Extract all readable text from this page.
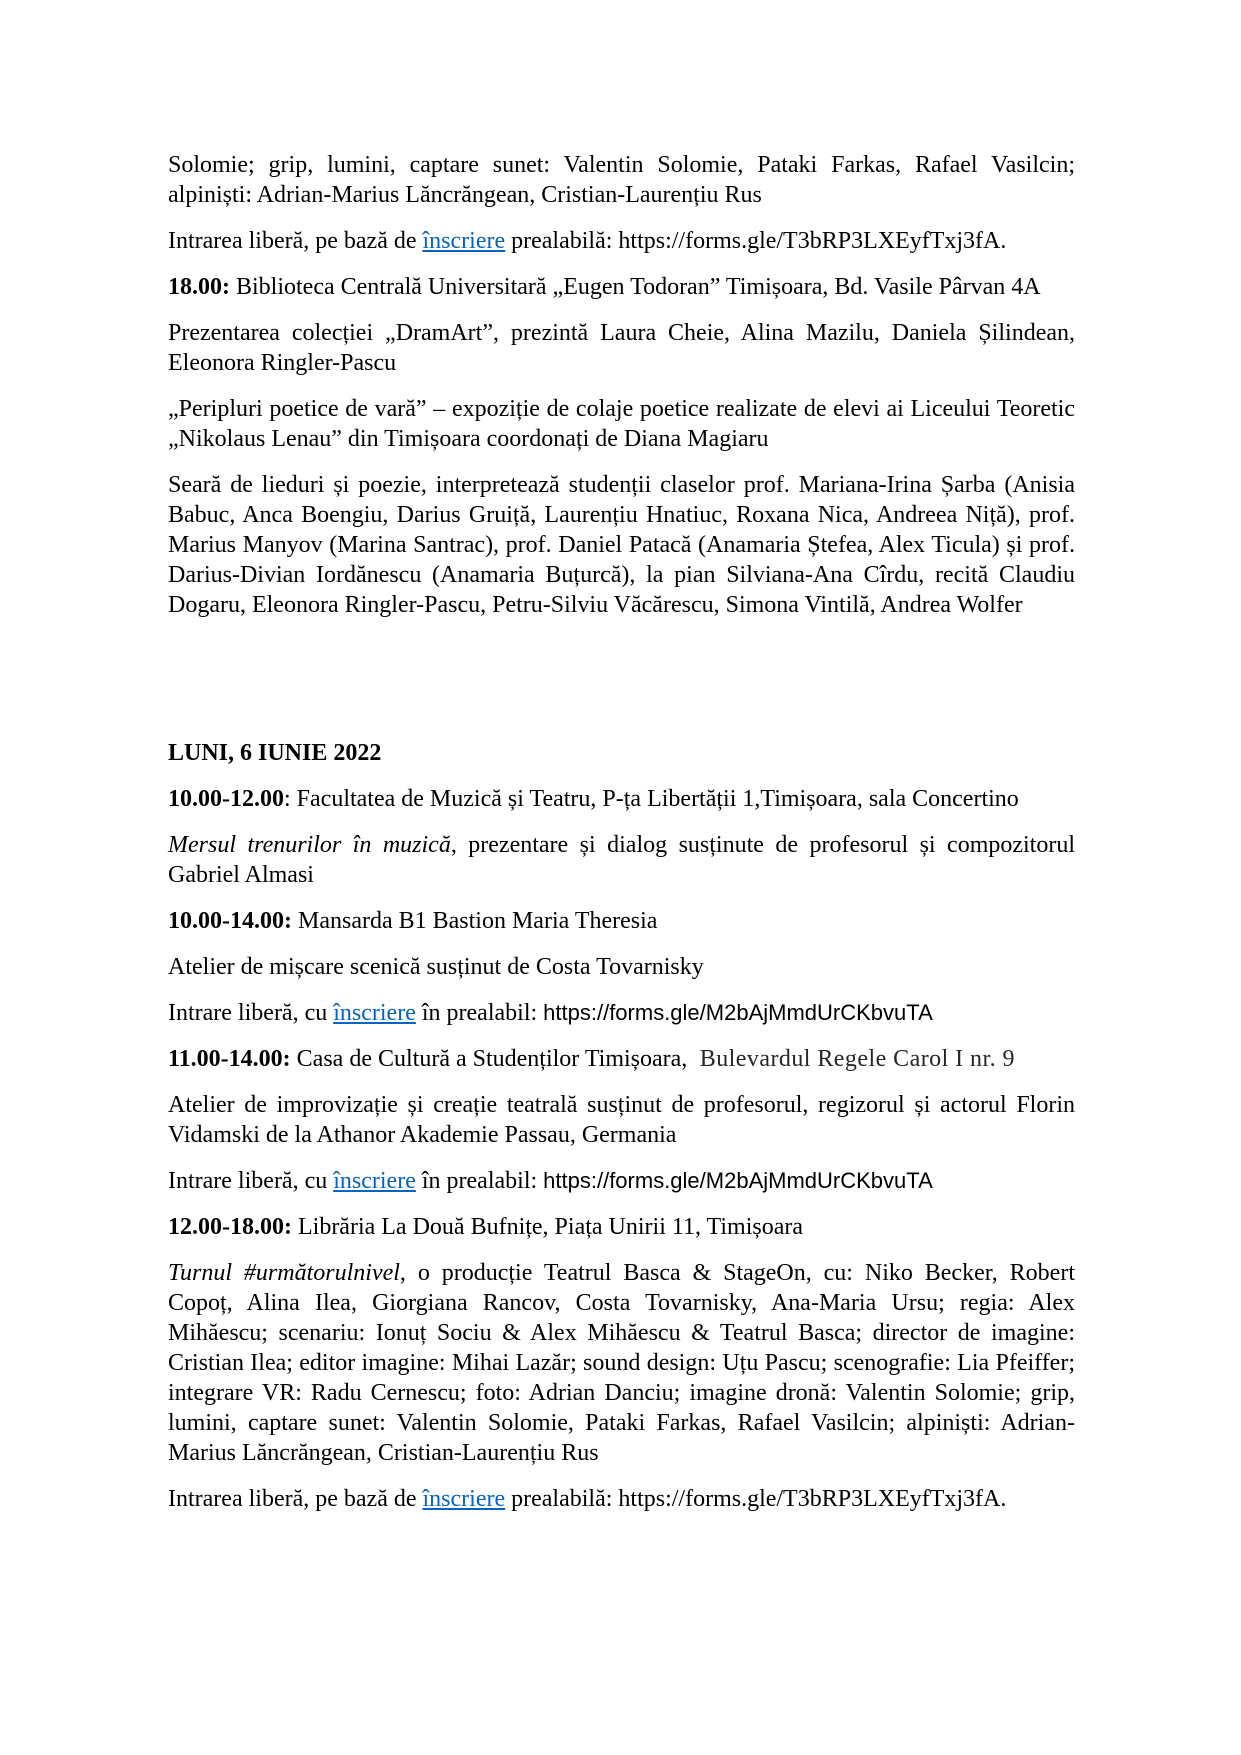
Solomie; grip, lumini, captare sunet: Valentin Solomie, Pataki Farkas, Rafael Vasilcin; alpiniști: Adrian-Marius Lăncrăngean, Cristian-Laurențiu Rus

Intrarea liberă, pe bază de înscriere prealabilă: https://forms.gle/T3bRP3LXEyfTxj3fA.

18.00: Biblioteca Centrală Universitară „Eugen Todoran” Timișoara, Bd. Vasile Pârvan 4A

Prezentarea colecției „DramArt”, prezintă Laura Cheie, Alina Mazilu, Daniela Șilindean, Eleonora Ringler-Pascu

„Peripluri poetice de vară” – expoziție de colaje poetice realizate de elevi ai Liceului Teoretic „Nikolaus Lenau” din Timișoara coordonați de Diana Magiaru

Seară de lieduri și poezie, interpretează studenții claselor prof. Mariana-Irina Șarba (Anisia Babuc, Anca Boengiu, Darius Gruiță, Laurențiu Hnatiuc, Roxana Nica, Andreea Niță), prof. Marius Manyov (Marina Santrac), prof. Daniel Patacă (Anamaria Ștefea, Alex Ticula) și prof. Darius-Divian Iordănescu (Anamaria Buțurcă), la pian Silviana-Ana Cîrdu, recită Claudiu Dogaru, Eleonora Ringler-Pascu, Petru-Silviu Văcărescu, Simona Vintilă, Andrea Wolfer

LUNI, 6 IUNIE 2022

10.00-12.00: Facultatea de Muzică și Teatru, P-ța Libertății 1,Timișoara, sala Concertino

Mersul trenurilor în muzică, prezentare și dialog susținute de profesorul și compozitorul Gabriel Almasi

10.00-14.00: Mansarda B1 Bastion Maria Theresia

Atelier de mișcare scenică susținut de Costa Tovarnisky

Intrare liberă, cu înscriere în prealabil: https://forms.gle/M2bAjMmdUrCKbvuTA

11.00-14.00: Casa de Cultură a Studenților Timișoara,  Bulevardul Regele Carol I nr. 9

Atelier de improvizație și creație teatrală susținut de profesorul, regizorul și actorul Florin Vidamski de la Athanor Akademie Passau, Germania

Intrare liberă, cu înscriere în prealabil: https://forms.gle/M2bAjMmdUrCKbvuTA

12.00-18.00: Librăria La Două Bufnițe, Piața Unirii 11, Timișoara

Turnul #următorulnivel, o producție Teatrul Basca & StageOn, cu: Niko Becker, Robert Copoț, Alina Ilea, Giorgiana Rancov, Costa Tovarnisky, Ana-Maria Ursu; regia: Alex Mihăescu; scenariu: Ionuț Sociu & Alex Mihăescu & Teatrul Basca; director de imagine: Cristian Ilea; editor imagine: Mihai Lazăr; sound design: Uțu Pascu; scenografie: Lia Pfeiffer; integrare VR: Radu Cernescu; foto: Adrian Danciu; imagine dronă: Valentin Solomie; grip, lumini, captare sunet: Valentin Solomie, Pataki Farkas, Rafael Vasilcin; alpiniști: Adrian-Marius Lăncrăngean, Cristian-Laurențiu Rus

Intrarea liberă, pe bază de înscriere prealabilă: https://forms.gle/T3bRP3LXEyfTxj3fA.
